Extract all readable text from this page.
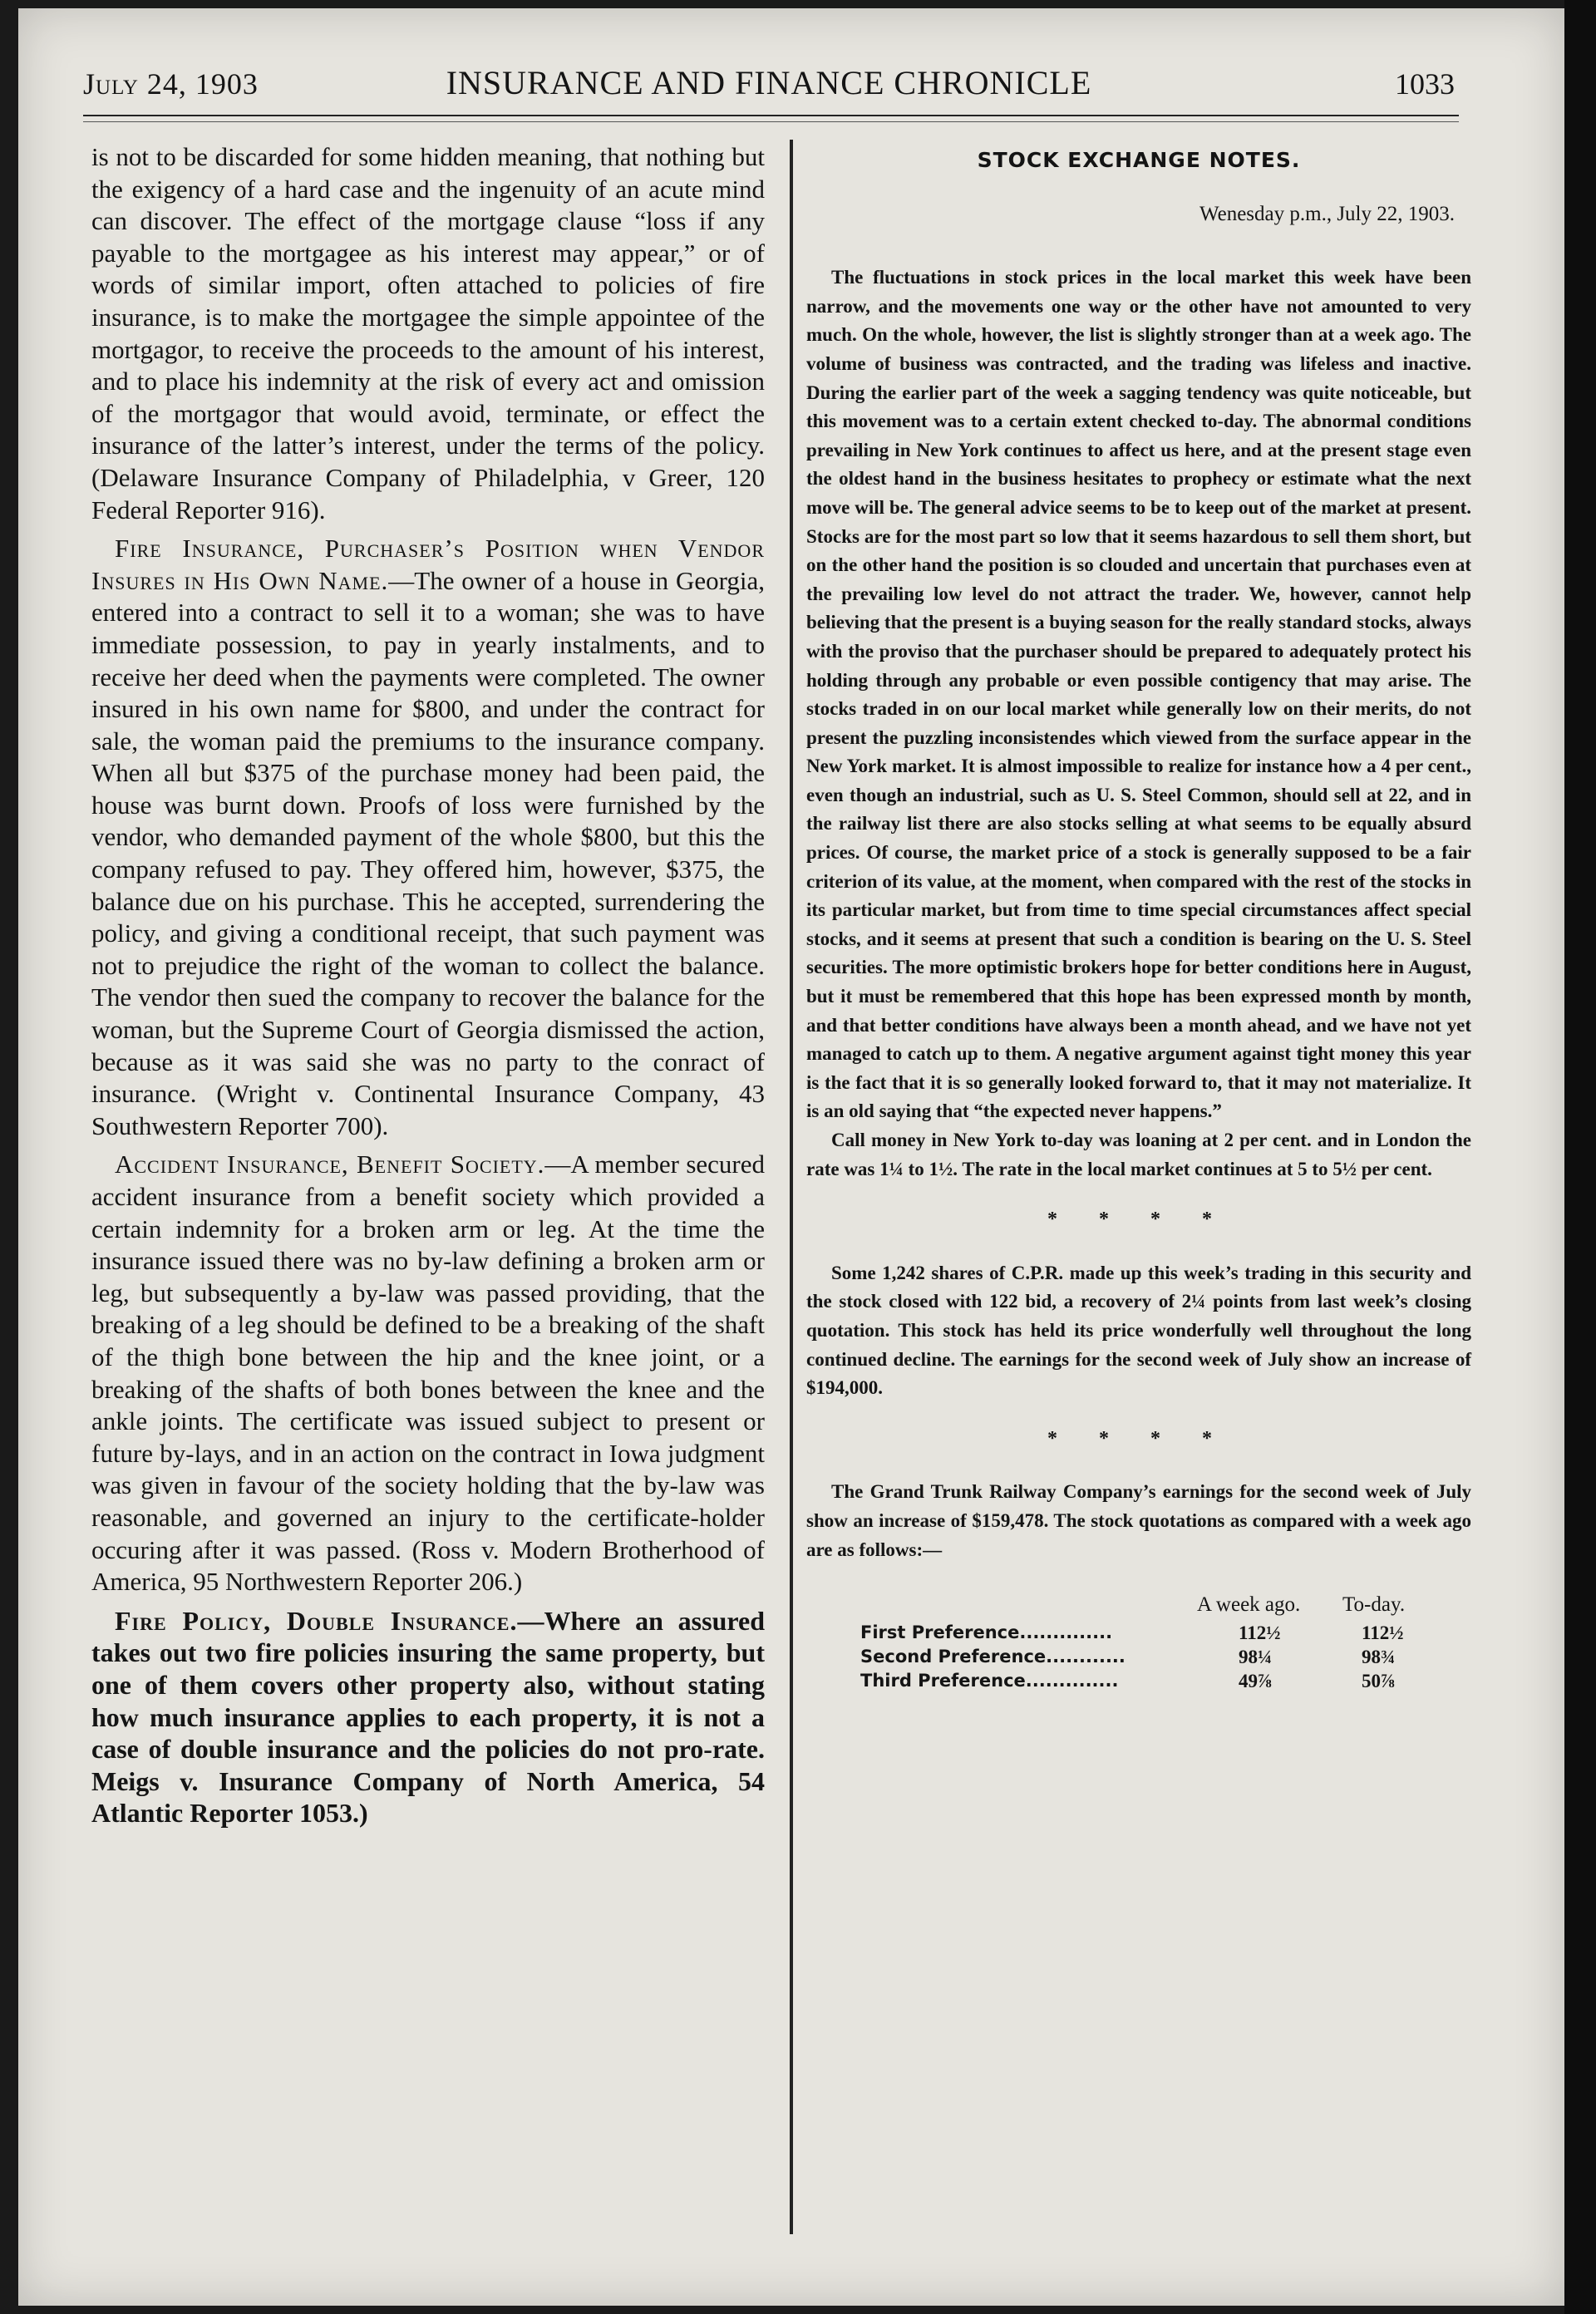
July 24, 1903	INSURANCE AND FINANCE CHRONICLE	1033

is not to be discarded for some hidden meaning, that nothing but the exigency of a hard case and the ingenuity of an acute mind can discover. The effect of the mortgage clause “loss if any payable to the mortgagee as his interest may appear,” or of words of similar import, often attached to policies of fire insurance, is to make the mortgagee the simple appointee of the mortgagor, to receive the proceeds to the amount of his interest, and to place his indemnity at the risk of every act and omission of the mortgagor that would avoid, terminate, or effect the insurance of the latter’s interest, under the terms of the policy. (Delaware Insurance Company of Philadelphia, v Greer, 120 Federal Reporter 916).

Fire Insurance, Purchaser’s Position when Vendor Insures in His Own Name.—The owner of a house in Georgia, entered into a contract to sell it to a woman; she was to have immediate possession, to pay in yearly instalments, and to receive her deed when the payments were completed. The owner insured in his own name for $800, and under the contract for sale, the woman paid the premiums to the insurance company. When all but $375 of the purchase money had been paid, the house was burnt down. Proofs of loss were furnished by the vendor, who demanded payment of the whole $800, but this the company refused to pay. They offered him, however, $375, the balance due on his purchase. This he accepted, surrendering the policy, and giving a conditional receipt, that such payment was not to prejudice the right of the woman to collect the balance. The vendor then sued the company to recover the balance for the woman, but the Supreme Court of Georgia dismissed the action, because as it was said she was no party to the conract of insurance. (Wright v. Continental Insurance Company, 43 Southwestern Reporter 700).

Accident Insurance, Benefit Society.—A member secured accident insurance from a benefit society which provided a certain indemnity for a broken arm or leg. At the time the insurance issued there was no by-law defining a broken arm or leg, but subsequently a by-law was passed providing, that the breaking of a leg should be defined to be a breaking of the shaft of the thigh bone between the hip and the knee joint, or a breaking of the shafts of both bones between the knee and the ankle joints. The certificate was issued subject to present or future by-lays, and in an action on the contract in Iowa judgment was given in favour of the society holding that the by-law was reasonable, and governed an injury to the certificate-holder occuring after it was passed. (Ross v. Modern Brotherhood of America, 95 Northwestern Reporter 206.)

Fire Policy, Double Insurance.—Where an assured takes out two fire policies insuring the same property, but one of them covers other property also, without stating how much insurance applies to each property, it is not a case of double insurance and the policies do not pro-rate. Meigs v. Insurance Company of North America, 54 Atlantic Reporter 1053.)

STOCK EXCHANGE NOTES.
Wenesday p.m., July 22, 1903.

The fluctuations in stock prices in the local market this week have been narrow, and the movements one way or the other have not amounted to very much. On the whole, however, the list is slightly stronger than at a week ago. The volume of business was contracted, and the trading was lifeless and inactive. During the earlier part of the week a sagging tendency was quite noticeable, but this movement was to a certain extent checked to-day. The abnormal conditions prevailing in New York continues to affect us here, and at the present stage even the oldest hand in the business hesitates to prophecy or estimate what the next move will be. The general advice seems to be to keep out of the market at present. Stocks are for the most part so low that it seems hazardous to sell them short, but on the other hand the position is so clouded and uncertain that purchases even at the prevailing low level do not attract the trader. We, however, cannot help believing that the present is a buying season for the really standard stocks, always with the proviso that the purchaser should be prepared to adequately protect his holding through any probable or even possible contigency that may arise. The stocks traded in on our local market while generally low on their merits, do not present the puzzling inconsistendes which viewed from the surface appear in the New York market. It is almost impossible to realize for instance how a 4 per cent., even though an industrial, such as U. S. Steel Common, should sell at 22, and in the railway list there are also stocks selling at what seems to be equally absurd prices. Of course, the market price of a stock is generally supposed to be a fair criterion of its value, at the moment, when compared with the rest of the stocks in its particular market, but from time to time special circumstances affect special stocks, and it seems at present that such a condition is bearing on the U. S. Steel securities. The more optimistic brokers hope for better conditions here in August, but it must be remembered that this hope has been expressed month by month, and that better conditions have always been a month ahead, and we have not yet managed to catch up to them. A negative argument against tight money this year is the fact that it is so generally looked forward to, that it may not materialize. It is an old saying that “the expected never happens.”

Call money in New York to-day was loaning at 2 per cent. and in London the rate was 1¼ to 1½. The rate in the local market continues at 5 to 5½ per cent.

* * * *

Some 1,242 shares of C.P.R. made up this week’s trading in this security and the stock closed with 122 bid, a recovery of 2¼ points from last week’s closing quotation. This stock has held its price wonderfully well throughout the long continued decline. The earnings for the second week of July show an increase of $194,000.

* * * *

The Grand Trunk Railway Company’s earnings for the second week of July show an increase of $159,478. The stock quotations as compared with a week ago are as follows:—

A week ago. To-day.
First Preference..............	112½	112½
Second Preference............	98¼	98¾
Third Preference..............	49⅞	50⅞
